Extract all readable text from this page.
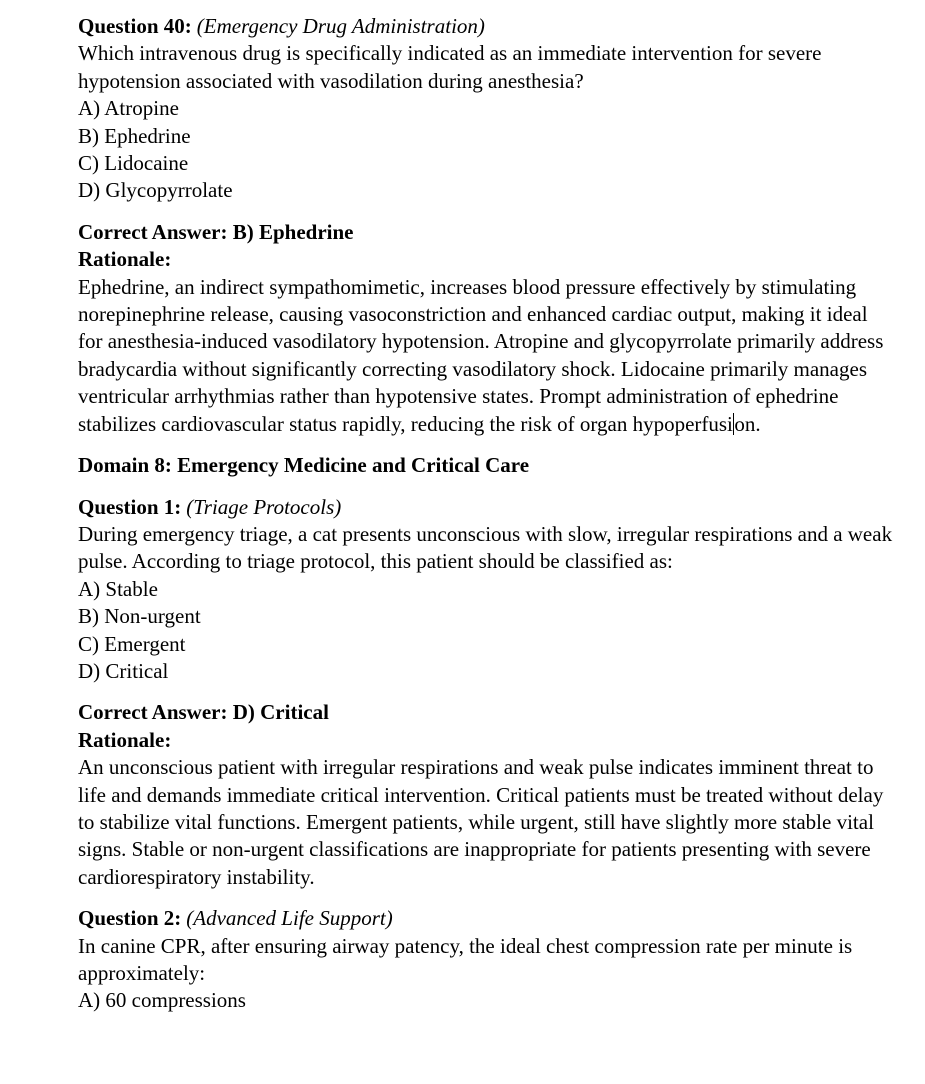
Question 40: (Emergency Drug Administration)

Which intravenous drug is specifically indicated as an immediate intervention for severe hypotension associated with vasodilation during anesthesia?

A) Atropine

B) Ephedrine

C) Lidocaine

D) Glycopyrrolate

Correct Answer: B) Ephedrine

Rationale:

Ephedrine, an indirect sympathomimetic, increases blood pressure effectively by stimulating norepinephrine release, causing vasoconstriction and enhanced cardiac output, making it ideal for anesthesia-induced vasodilatory hypotension. Atropine and glycopyrrolate primarily address bradycardia without significantly correcting vasodilatory shock. Lidocaine primarily manages ventricular arrhythmias rather than hypotensive states. Prompt administration of ephedrine stabilizes cardiovascular status rapidly, reducing the risk of organ hypoperfusion.

Domain 8: Emergency Medicine and Critical Care

Question 1: (Triage Protocols)

During emergency triage, a cat presents unconscious with slow, irregular respirations and a weak pulse. According to triage protocol, this patient should be classified as:

A) Stable

B) Non-urgent

C) Emergent

D) Critical

Correct Answer: D) Critical

Rationale:

An unconscious patient with irregular respirations and weak pulse indicates imminent threat to life and demands immediate critical intervention. Critical patients must be treated without delay to stabilize vital functions. Emergent patients, while urgent, still have slightly more stable vital signs. Stable or non-urgent classifications are inappropriate for patients presenting with severe cardiorespiratory instability.

Question 2: (Advanced Life Support)

In canine CPR, after ensuring airway patency, the ideal chest compression rate per minute is approximately:

A) 60 compressions
